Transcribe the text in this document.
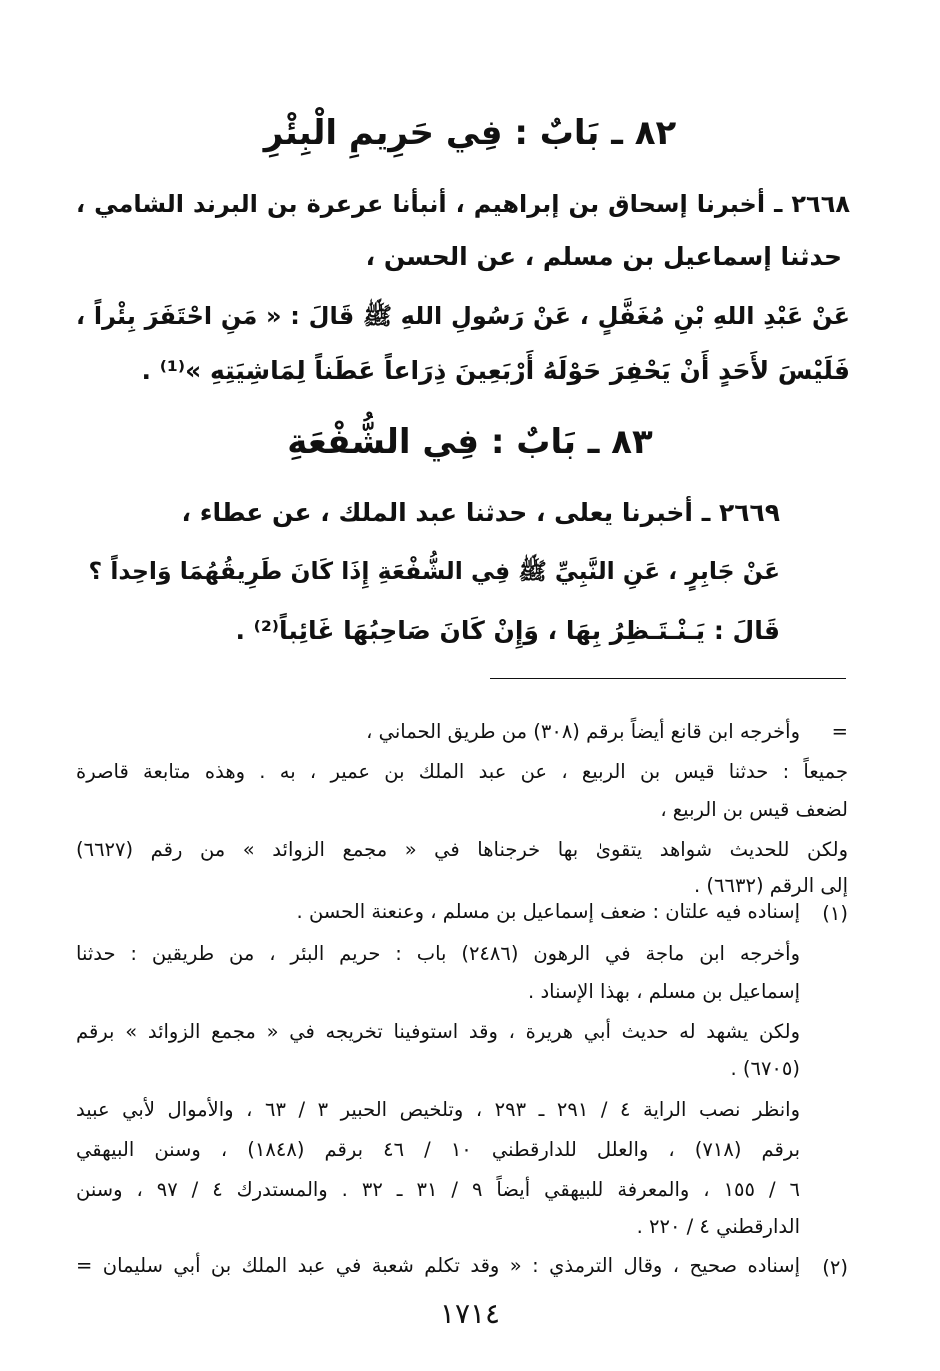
٨٢ ـ بَابٌ : فِي حَرِيمِ الْبِئْرِ
٢٦٦٨ ـ أخبرنا إسحاق بن إبراهيم ، أنبأنا عرعرة بن البرند الشامي ،
حدثنا إسماعيل بن مسلم ، عن الحسن ،
عَنْ عَبْدِ اللهِ بْنِ مُغَفَّلٍ ، عَنْ رَسُولِ اللهِ ﷺ قَالَ : « مَنِ احْتَفَرَ بِئْراً ،
فَلَيْسَ لأَحَدٍ أَنْ يَحْفِرَ حَوْلَهُ أَرْبَعِينَ ذِرَاعاً عَطَناً لِمَاشِيَتِهِ »⁽¹⁾ .
٨٣ ـ بَابٌ : فِي الشُّفْعَةِ
٢٦٦٩ ـ أخبرنا يعلى ، حدثنا عبد الملك ، عن عطاء ،
عَنْ جَابِرٍ ، عَنِ النَّبِيِّ ﷺ فِي الشُّفْعَةِ إِذَا كَانَ طَرِيقُهُمَا وَاحِداً ؟
قَالَ : يَـنْـتَـظِرُ بِهَا ، وَإِنْ كَانَ صَاحِبُهَا غَائِباً⁽²⁾ .
=
وأخرجه ابن قانع أيضاً برقم (٣٠٨) من طريق الحماني ،
جميعاً : حدثنا قيس بن الربيع ، عن عبد الملك بن عمير ، به . وهذه متابعة قاصرة
لضعف قيس بن الربيع ،
ولكن للحديث شواهد يتقوىٰ بها خرجناها في « مجمع الزوائد » من رقم (٦٦٢٧)
إلى الرقم (٦٦٣٢) .
(١)
إسناده فيه علتان : ضعف إسماعيل بن مسلم ، وعنعنة الحسن .
وأخرجه ابن ماجة في الرهون (٢٤٨٦) باب : حريم البئر ، من طريقين : حدثنا
إسماعيل بن مسلم ، بهذا الإسناد .
ولكن يشهد له حديث أبي هريرة ، وقد استوفينا تخريجه في « مجمع الزوائد » برقم
(٦٧٠٥) .
وانظر نصب الراية ٤ / ٢٩١ ـ ٢٩٣ ، وتلخيص الحبير ٣ / ٦٣ ، والأموال لأبي عبيد
برقم (٧١٨) ، والعلل للدارقطني ١٠ / ٤٦ برقم (١٨٤٨) ، وسنن البيهقي
٦ / ١٥٥ ، والمعرفة للبيهقي أيضاً ٩ / ٣١ ـ ٣٢ . والمستدرك ٤ / ٩٧ ، وسنن
الدارقطني ٤ / ٢٢٠ .
(٢)
إسناده صحيح ، وقال الترمذي : « وقد تكلم شعبة في عبد الملك بن أبي سليمان =
١٧١٤
